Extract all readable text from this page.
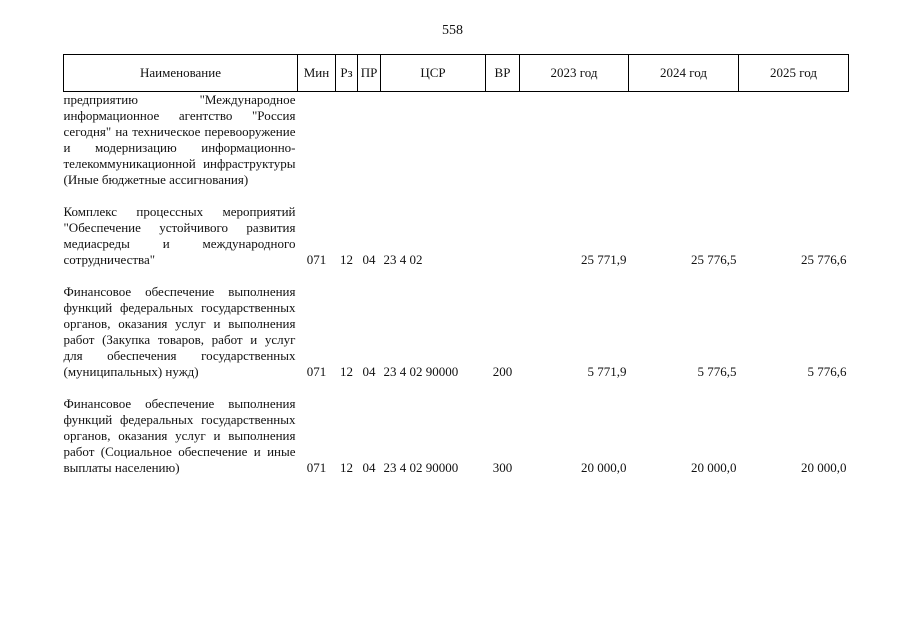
558
Наименование	Мин	Рз	ПР	ЦСР	ВР	2023 год	2024 год	2025 год
предприятию "Международное информационное агентство "Россия сегодня" на техническое перевооружение и модернизацию информационно-телекоммуникационной инфраструктуры (Иные бюджетные ассигнования)								

Комплекс процессных мероприятий "Обеспечение устойчивого развития медиасреды и международного сотрудничества"	071	12	04	23 4 02		25 771,9	25 776,5	25 776,6

Финансовое обеспечение выполнения функций федеральных государственных органов, оказания услуг и выполнения работ (Закупка товаров, работ и услуг для обеспечения государственных (муниципальных) нужд)	071	12	04	23 4 02 90000	200	5 771,9	5 776,5	5 776,6

Финансовое обеспечение выполнения функций федеральных государственных органов, оказания услуг и выполнения работ (Социальное обеспечение и иные выплаты населению)	071	12	04	23 4 02 90000	300	20 000,0	20 000,0	20 000,0
